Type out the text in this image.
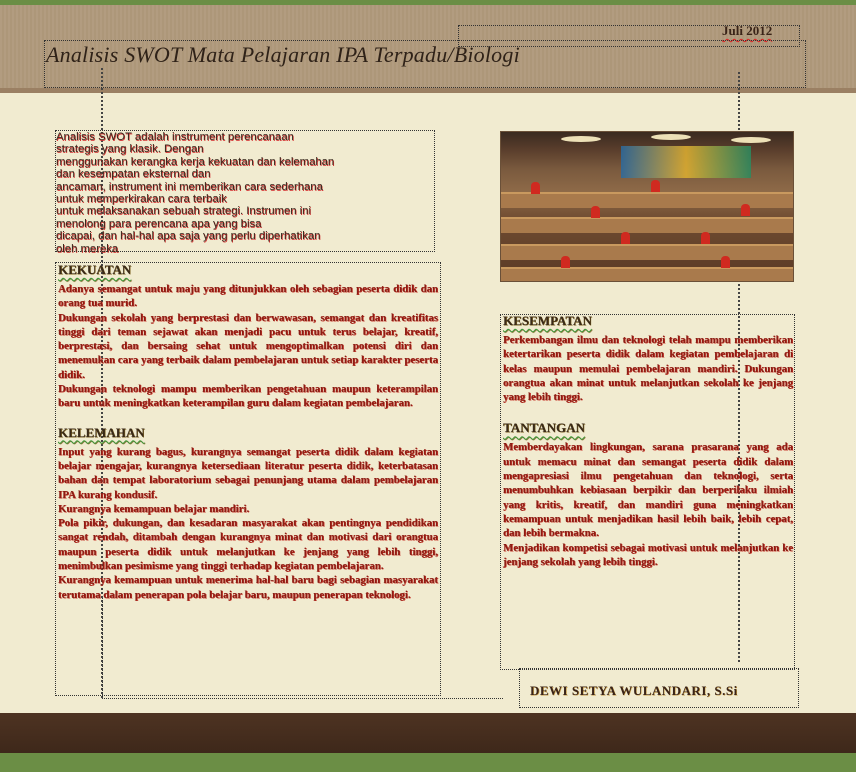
Juli 2012
Analisis SWOT Mata Pelajaran IPA Terpadu/Biologi
Analisis SWOT adalah instrument perencanaan
strategis yang klasik. Dengan
menggunakan kerangka kerja kekuatan dan kelemahan
dan kesempatan eksternal dan
ancaman, instrument ini memberikan cara sederhana
untuk memperkirakan cara terbaik
untuk melaksanakan sebuah strategi. Instrumen ini
menolong para perencana apa yang bisa
dicapai, dan hal-hal apa saja yang perlu diperhatikan
oleh mereka
KEKUATAN
Adanya semangat untuk maju yang ditunjukkan oleh sebagian peserta didik dan orang tua murid.
Dukungan sekolah yang berprestasi dan berwawasan, semangat dan kreatifitas tinggi dari teman sejawat akan menjadi pacu untuk terus belajar, kreatif, berprestasi, dan bersaing sehat untuk mengoptimalkan potensi diri dan menemukan cara yang terbaik dalam pembelajaran untuk setiap karakter peserta didik.
Dukungan teknologi mampu memberikan pengetahuan maupun keterampilan baru untuk meningkatkan keterampilan guru dalam kegiatan pembelajaran.
KELEMAHAN
Input yang kurang bagus, kurangnya semangat peserta didik dalam kegiatan belajar mengajar, kurangnya ketersediaan literatur peserta didik, keterbatasan bahan dan tempat laboratorium sebagai penunjang utama dalam pembelajaran IPA kurang kondusif.
Kurangnya kemampuan belajar mandiri.
Pola pikir, dukungan, dan kesadaran masyarakat akan pentingnya pendidikan sangat rendah, ditambah dengan kurangnya minat dan motivasi dari orangtua maupun peserta didik untuk melanjutkan ke jenjang yang lebih tinggi, menimbulkan pesimisme yang tinggi terhadap kegiatan pembelajaran.
Kurangnya kemampuan untuk menerima hal-hal baru bagi sebagian masyarakat terutama dalam penerapan pola belajar baru, maupun penerapan teknologi.
KESEMPATAN
Perkembangan ilmu dan teknologi telah mampu memberikan ketertarikan peserta didik dalam kegiatan pembelajaran di kelas maupun memulai pembelajaran mandiri. Dukungan orangtua akan minat untuk melanjutkan sekolah ke jenjang yang lebih tinggi.
TANTANGAN
Memberdayakan lingkungan, sarana prasarana yang ada untuk memacu minat dan semangat peserta didik dalam mengapresiasi ilmu pengetahuan dan teknologi, serta menumbuhkan kebiasaan berpikir dan berperilaku ilmiah yang kritis, kreatif, dan mandiri guna meningkatkan kemampuan untuk menjadikan hasil lebih baik, lebih cepat, dan lebih bermakna.
Menjadikan kompetisi sebagai motivasi untuk melanjutkan ke jenjang sekolah yang lebih tinggi.
DEWI SETYA WULANDARI, S.Si
